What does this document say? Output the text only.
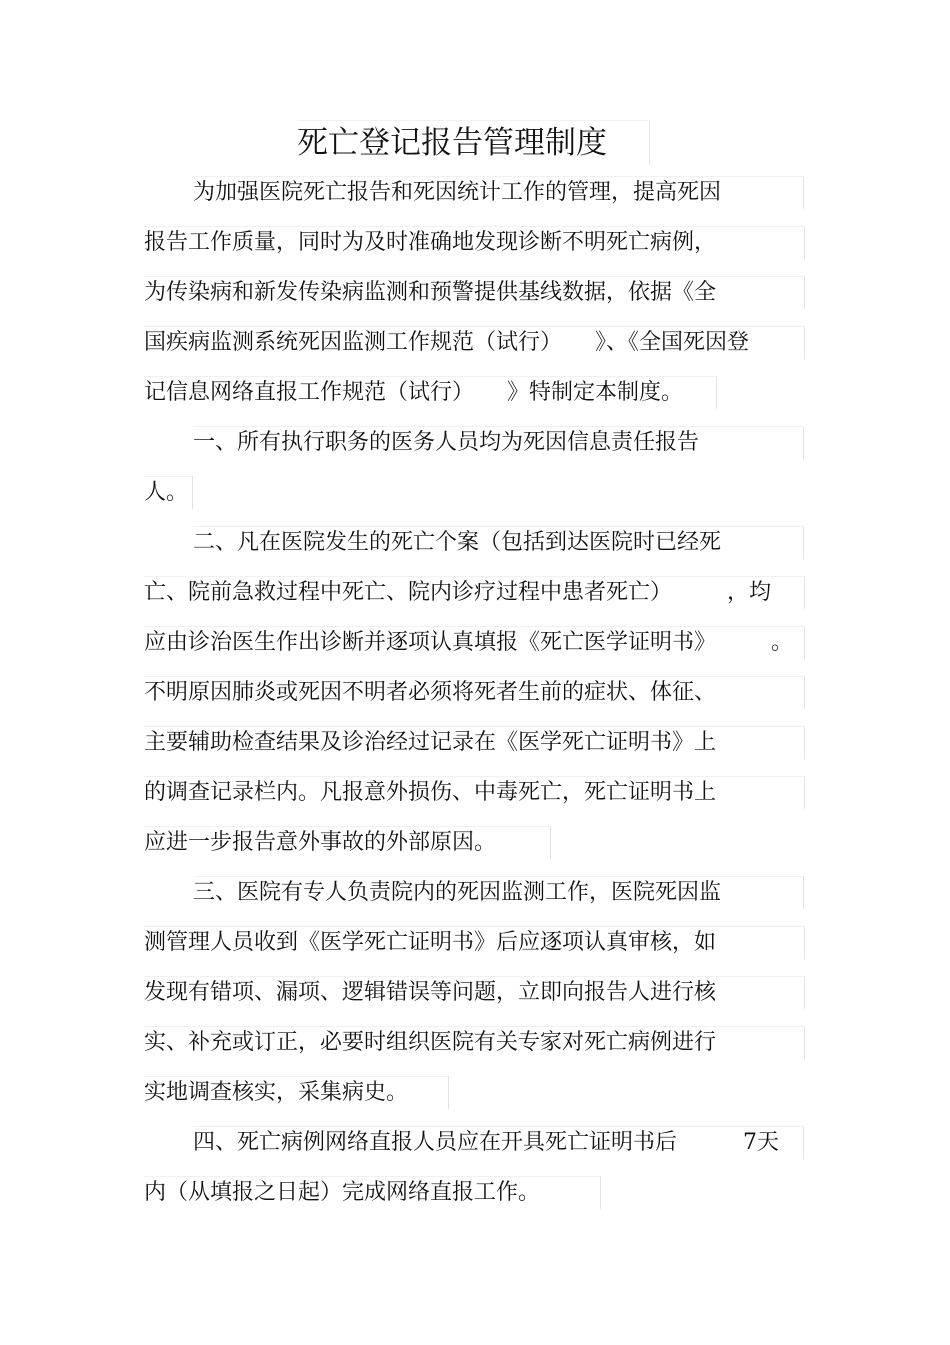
死亡登记报告管理制度
为加强医院死亡报告和死因统计工作的管理，提高死因
报告工作质量，同时为及时准确地发现诊断不明死亡病例，
为传染病和新发传染病监测和预警提供基线数据，依据《全
国疾病监测系统死因监测工作规范（试行）　　》、《全国死因登
记信息网络直报工作规范（试行）　　》特制定本制度。
一、所有执行职务的医务人员均为死因信息责任报告
人。
二、凡在医院发生的死亡个案（包括到达医院时已经死
亡、院前急救过程中死亡、院内诊疗过程中患者死亡）　　　，均
应由诊治医生作出诊断并逐项认真填报《死亡医学证明书》　　　。
不明原因肺炎或死因不明者必须将死者生前的症状、体征、
主要辅助检查结果及诊治经过记录在《医学死亡证明书》上
的调查记录栏内。凡报意外损伤、中毒死亡，死亡证明书上
应进一步报告意外事故的外部原因。
三、医院有专人负责院内的死因监测工作，医院死因监
测管理人员收到《医学死亡证明书》后应逐项认真审核，如
发现有错项、漏项、逻辑错误等问题，立即向报告人进行核
实、补充或订正，必要时组织医院有关专家对死亡病例进行
实地调查核实，采集病史。
四、死亡病例网络直报人员应在开具死亡证明书后　　　7天
内（从填报之日起）完成网络直报工作。
